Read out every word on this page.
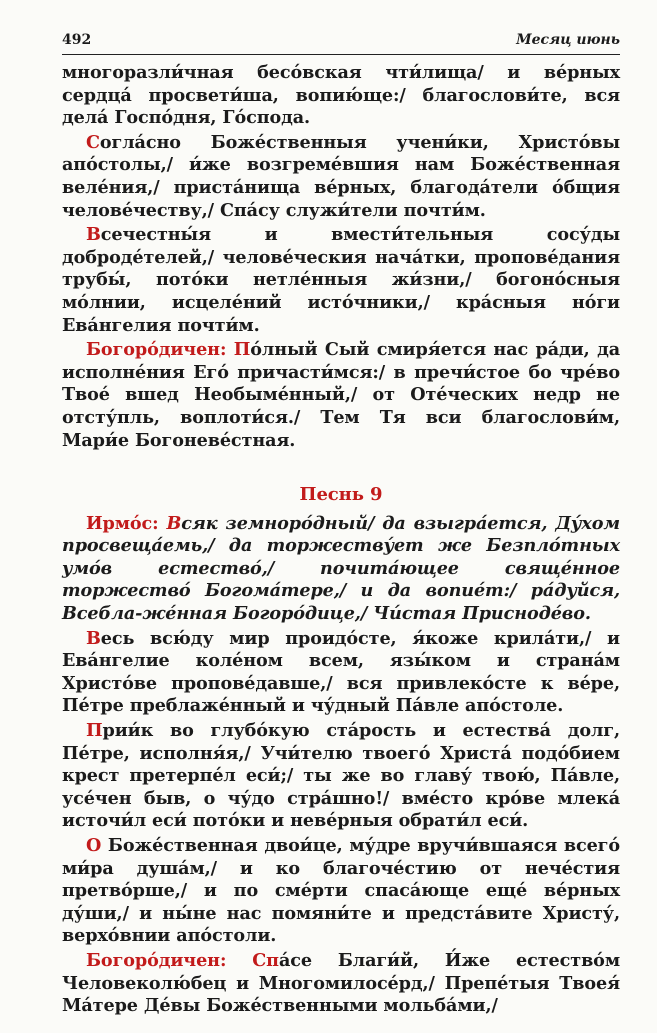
492	Месяц июнь

многоразли́чная бесо́вская чти́лища/ и ве́рных сердца́ просвети́ша, вопию́ще:/ благослови́те, вся дела́ Госпо́дня, Го́спода.

Согла́сно Боже́ственныя учени́ки, Христо́вы апо́столы,/ и́же возгреме́вшия нам Боже́ственная веле́ния,/ приста́нища ве́рных, благода́тели о́бщия челове́честву,/ Спа́су служи́тели почти́м.

Всечестны́я и вмести́тельныя сосу́ды доброде́телей,/ челове́ческия нача́тки, пропове́дания трубы́, пото́ки нетле́нныя жи́зни,/ богоно́сныя мо́лнии, исцеле́ний исто́чники,/ кра́сныя но́ги Ева́нгелия почти́м.

Богоро́дичен: По́лный Сый смиря́ется нас ра́ди, да исполне́ния Его́ причасти́мся:/ в пречи́стое бо чре́во Твое́ вшед Необыме́нный,/ от Оте́ческих недр не отсту́пль, воплоти́ся./ Тем Тя вси благослови́м, Мари́е Богоневе́стная.

Песнь 9

Ирмо́с: Всяк земноро́дный/ да взыгра́ется, Ду́хом просвеща́емь,/ да торжеству́ет же Безпло́тных умо́в естество́,/ почита́ющее свяще́нное торжество́ Богома́тере,/ и да вопие́т:/ ра́дуйся, Всебла-же́нная Богоро́дице,/ Чи́стая Присноде́во.

Весь всю́ду мир проидо́сте, я́коже крила́ти,/ и Ева́нгелие коле́ном всем, язы́ком и страна́м Христо́ве пропове́давше,/ вся привлеко́сте к ве́ре, Пе́тре преблаже́нный и чу́дный Па́вле апо́столе.

Прии́к во глубо́кую ста́рость и естества́ долг, Пе́тре, исполня́я,/ Учи́телю твоего́ Христа́ подо́бием крест претерпе́л еси́;/ ты же во главу́ твою́, Па́вле, усе́чен быв, о чу́до стра́шно!/ вме́сто кро́ве млека́ источи́л еси́ пото́ки и неве́рныя обрати́л еси́.

О Боже́ственная двои́це, му́дре вручи́вшаяся всего́ ми́ра душа́м,/ и ко благоче́стию от нече́стия претво́рше,/ и по сме́рти спаса́юще еще́ ве́рных ду́ши,/ и ны́не нас помяни́те и предста́вите Христу́, верхо́внии апо́столи.

Богоро́дичен: Спа́се Благи́й, И́же естество́м Человеколю́бец и Многомилосе́рд,/ Препе́тыя Твоея́ Ма́тере Де́вы Боже́ственными мольба́ми,/
